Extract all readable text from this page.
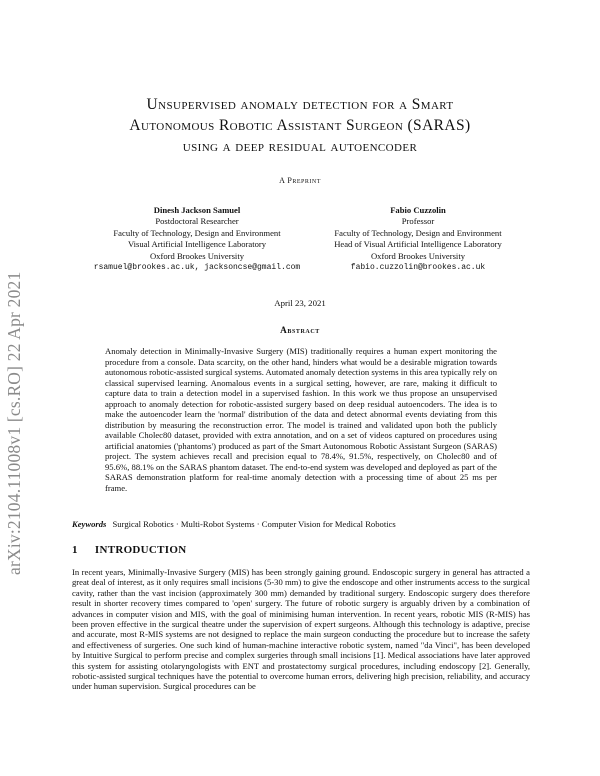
arXiv:2104.11008v1 [cs.RO] 22 Apr 2021
Unsupervised anomaly detection for a Smart
Autonomous Robotic Assistant Surgeon (SARAS)
using a deep residual autoencoder
A Preprint
Dinesh Jackson Samuel
Postdoctoral Researcher
Faculty of Technology, Design and Environment
Visual Artificial Intelligence Laboratory
Oxford Brookes University
rsamuel@brookes.ac.uk, jacksoncse@gmail.com
Fabio Cuzzolin
Professor
Faculty of Technology, Design and Environment
Head of Visual Artificial Intelligence Laboratory
Oxford Brookes University
fabio.cuzzolin@brookes.ac.uk
April 23, 2021
Abstract
Anomaly detection in Minimally-Invasive Surgery (MIS) traditionally requires a human expert monitoring the procedure from a console. Data scarcity, on the other hand, hinders what would be a desirable migration towards autonomous robotic-assisted surgical systems. Automated anomaly detection systems in this area typically rely on classical supervised learning. Anomalous events in a surgical setting, however, are rare, making it difficult to capture data to train a detection model in a supervised fashion. In this work we thus propose an unsupervised approach to anomaly detection for robotic-assisted surgery based on deep residual autoencoders. The idea is to make the autoencoder learn the 'normal' distribution of the data and detect abnormal events deviating from this distribution by measuring the reconstruction error. The model is trained and validated upon both the publicly available Cholec80 dataset, provided with extra annotation, and on a set of videos captured on procedures using artificial anatomies ('phantoms') produced as part of the Smart Autonomous Robotic Assistant Surgeon (SARAS) project. The system achieves recall and precision equal to 78.4%, 91.5%, respectively, on Cholec80 and of 95.6%, 88.1% on the SARAS phantom dataset. The end-to-end system was developed and deployed as part of the SARAS demonstration platform for real-time anomaly detection with a processing time of about 25 ms per frame.
Keywords Surgical Robotics · Multi-Robot Systems · Computer Vision for Medical Robotics
1 INTRODUCTION
In recent years, Minimally-Invasive Surgery (MIS) has been strongly gaining ground. Endoscopic surgery in general has attracted a great deal of interest, as it only requires small incisions (5-30 mm) to give the endoscope and other instruments access to the surgical cavity, rather than the vast incision (approximately 300 mm) demanded by traditional surgery. Endoscopic surgery does therefore result in shorter recovery times compared to 'open' surgery. The future of robotic surgery is arguably driven by a combination of advances in computer vision and MIS, with the goal of minimising human intervention. In recent years, robotic MIS (R-MIS) has been proven effective in the surgical theatre under the supervision of expert surgeons. Although this technology is adaptive, precise and accurate, most R-MIS systems are not designed to replace the main surgeon conducting the procedure but to increase the safety and effectiveness of surgeries. One such kind of human-machine interactive robotic system, named "da Vinci", has been developed by Intuitive Surgical to perform precise and complex surgeries through small incisions [1]. Medical associations have later approved this system for assisting otolaryngologists with ENT and prostatectomy surgical procedures, including endoscopy [2]. Generally, robotic-assisted surgical techniques have the potential to overcome human errors, delivering high precision, reliability, and accuracy under human supervision. Surgical procedures can be
